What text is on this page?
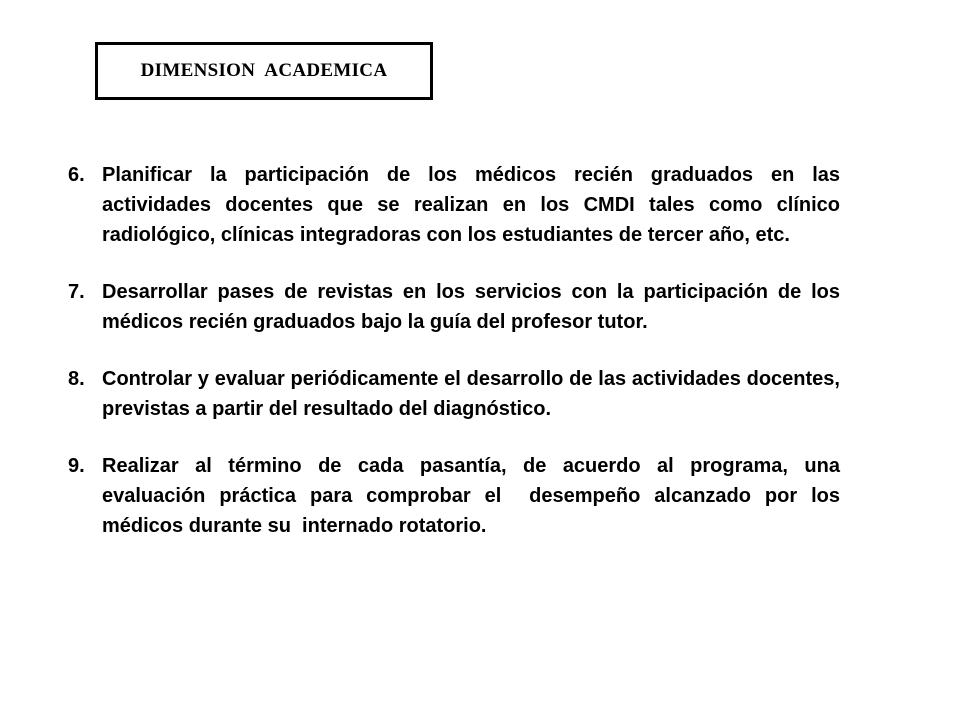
DIMENSION  ACADEMICA
6. Planificar la participación de los médicos recién graduados en las actividades docentes que se realizan en los CMDI tales como clínico radiológico, clínicas integradoras con los estudiantes de tercer año, etc.
7. Desarrollar pases de revistas en los servicios con la participación de los médicos recién graduados bajo la guía del profesor tutor.
8. Controlar y evaluar periódicamente el desarrollo de las actividades docentes, previstas a partir del resultado del diagnóstico.
9. Realizar al término de cada pasantía, de acuerdo al programa, una evaluación práctica para comprobar el  desempeño alcanzado por los médicos durante su  internado rotatorio.
